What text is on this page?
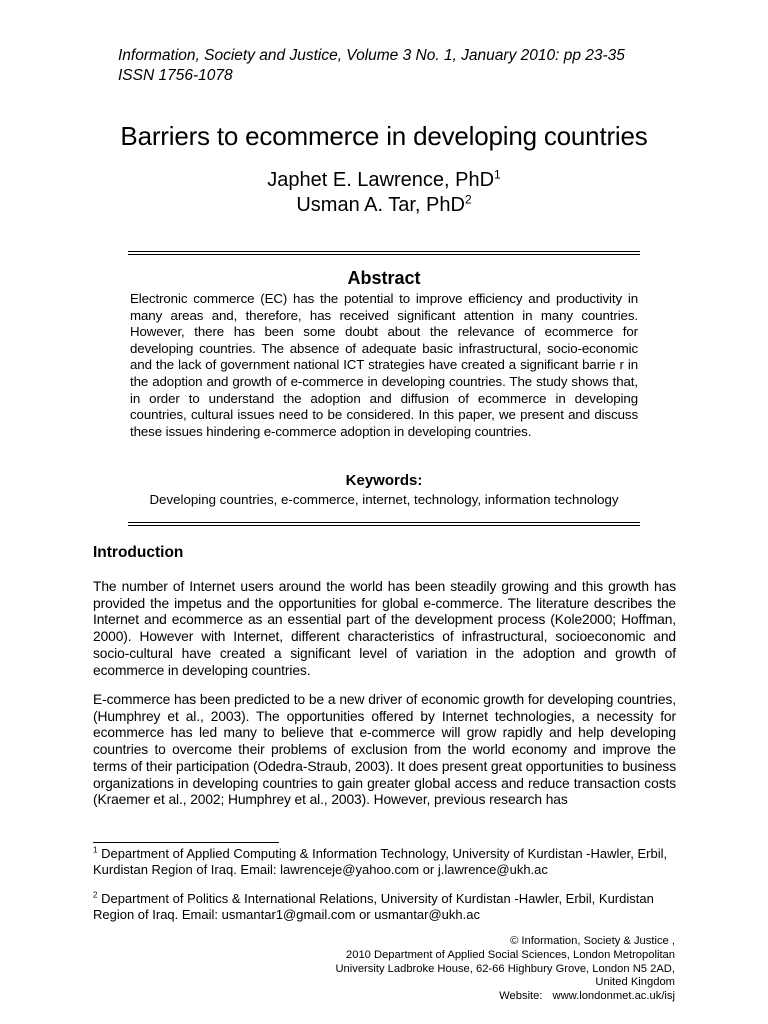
Information, Society and Justice, Volume 3 No. 1, January 2010: pp 23-35
ISSN 1756-1078
Barriers to ecommerce in developing countries
Japhet E. Lawrence, PhD$^1$
Usman A. Tar, PhD$^2$
Abstract
Electronic commerce (EC) has the potential to improve efficiency and productivity in many areas and, therefore, has received significant attention in many countries. However, there has been some doubt about the relevance of ecommerce for developing countries. The absence of adequate basic infrastructural, socio-economic and the lack of government national ICT strategies have created a significant barrie r in the adoption and growth of e-commerce in developing countries. The study shows that, in order to understand the adoption and diffusion of ecommerce in developing countries, cultural issues need to be considered. In this paper, we present and discuss these issues hindering e-commerce adoption in developing countries.
Keywords:
Developing countries, e-commerce, internet, technology, information technology
Introduction
The number of Internet users around the world has been steadily growing and this growth has provided the impetus and the opportunities for global e-commerce. The literature describes the Internet and ecommerce as an essential part of the development process (Kole2000; Hoffman, 2000). However with Internet, different characteristics of infrastructural, socioeconomic and socio-cultural have created a significant level of variation in the adoption and growth of ecommerce in developing countries.
E-commerce has been predicted to be a new driver of economic growth for developing countries, (Humphrey et al., 2003). The opportunities offered by Internet technologies, a necessity for ecommerce has led many to believe that e-commerce will grow rapidly and help developing countries to overcome their problems of exclusion from the world economy and improve the terms of their participation (Odedra-Straub, 2003). It does present great opportunities to business organizations in developing countries to gain greater global access and reduce transaction costs (Kraemer et al., 2002; Humphrey et al., 2003). However, previous research has
$^1$ Department of Applied Computing & Information Technology, University of Kurdistan -Hawler, Erbil, Kurdistan Region of Iraq. Email: lawrenceje@yahoo.com or j.lawrence@ukh.ac
$^2$ Department of Politics & International Relations, University of Kurdistan -Hawler, Erbil, Kurdistan Region of Iraq. Email: usmantar1@gmail.com or usmantar@ukh.ac
© Information, Society & Justice ,
2010 Department of Applied Social Sciences, London Metropolitan
University Ladbroke House, 62-66 Highbury Grove, London N5 2AD,
United Kingdom
Website: www.londonmet.ac.uk/isj
